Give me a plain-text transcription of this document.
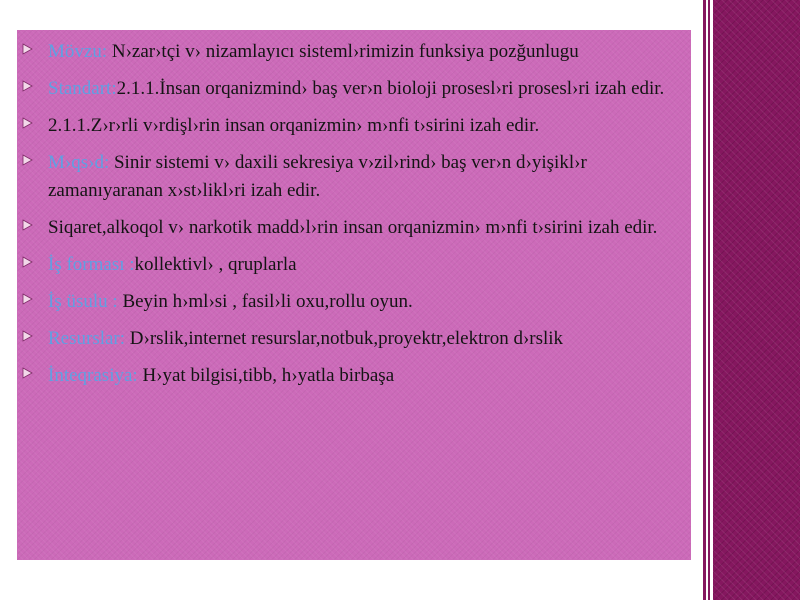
Mövzu: N›zar›tçi v› nizamlayıcı sisteml›rimizin funksiya pozğunlugu
Standart:2.1.1.İnsan orqanizmind› baş ver›n bioloji prosesl›ri prosesl›ri izah edir.
2.1.1.Z›r›rli v›rdişl›rin insan orqanizmin› m›nfi t›sirini izah edir.
M›qs›d: Sinir sistemi v› daxili sekresiya v›zil›rind› baş ver›n d›yişikl›r zamanıyaranan x›st›likl›ri izah edir.
Siqaret,alkoqol v› narkotik madd›l›rin insan orqanizmin› m›nfi t›sirini izah edir.
İş forması :kollektivl› , qruplarla
İş üsulu : Beyin h›ml›si , fasil›li oxu,rollu oyun.
Resurslar: D›rslik,internet resurslar,notbuk,proyektr,elektron d›rslik
İnteqrasiya: H›yat bilgisi,tibb, h›yatla birbaşa
